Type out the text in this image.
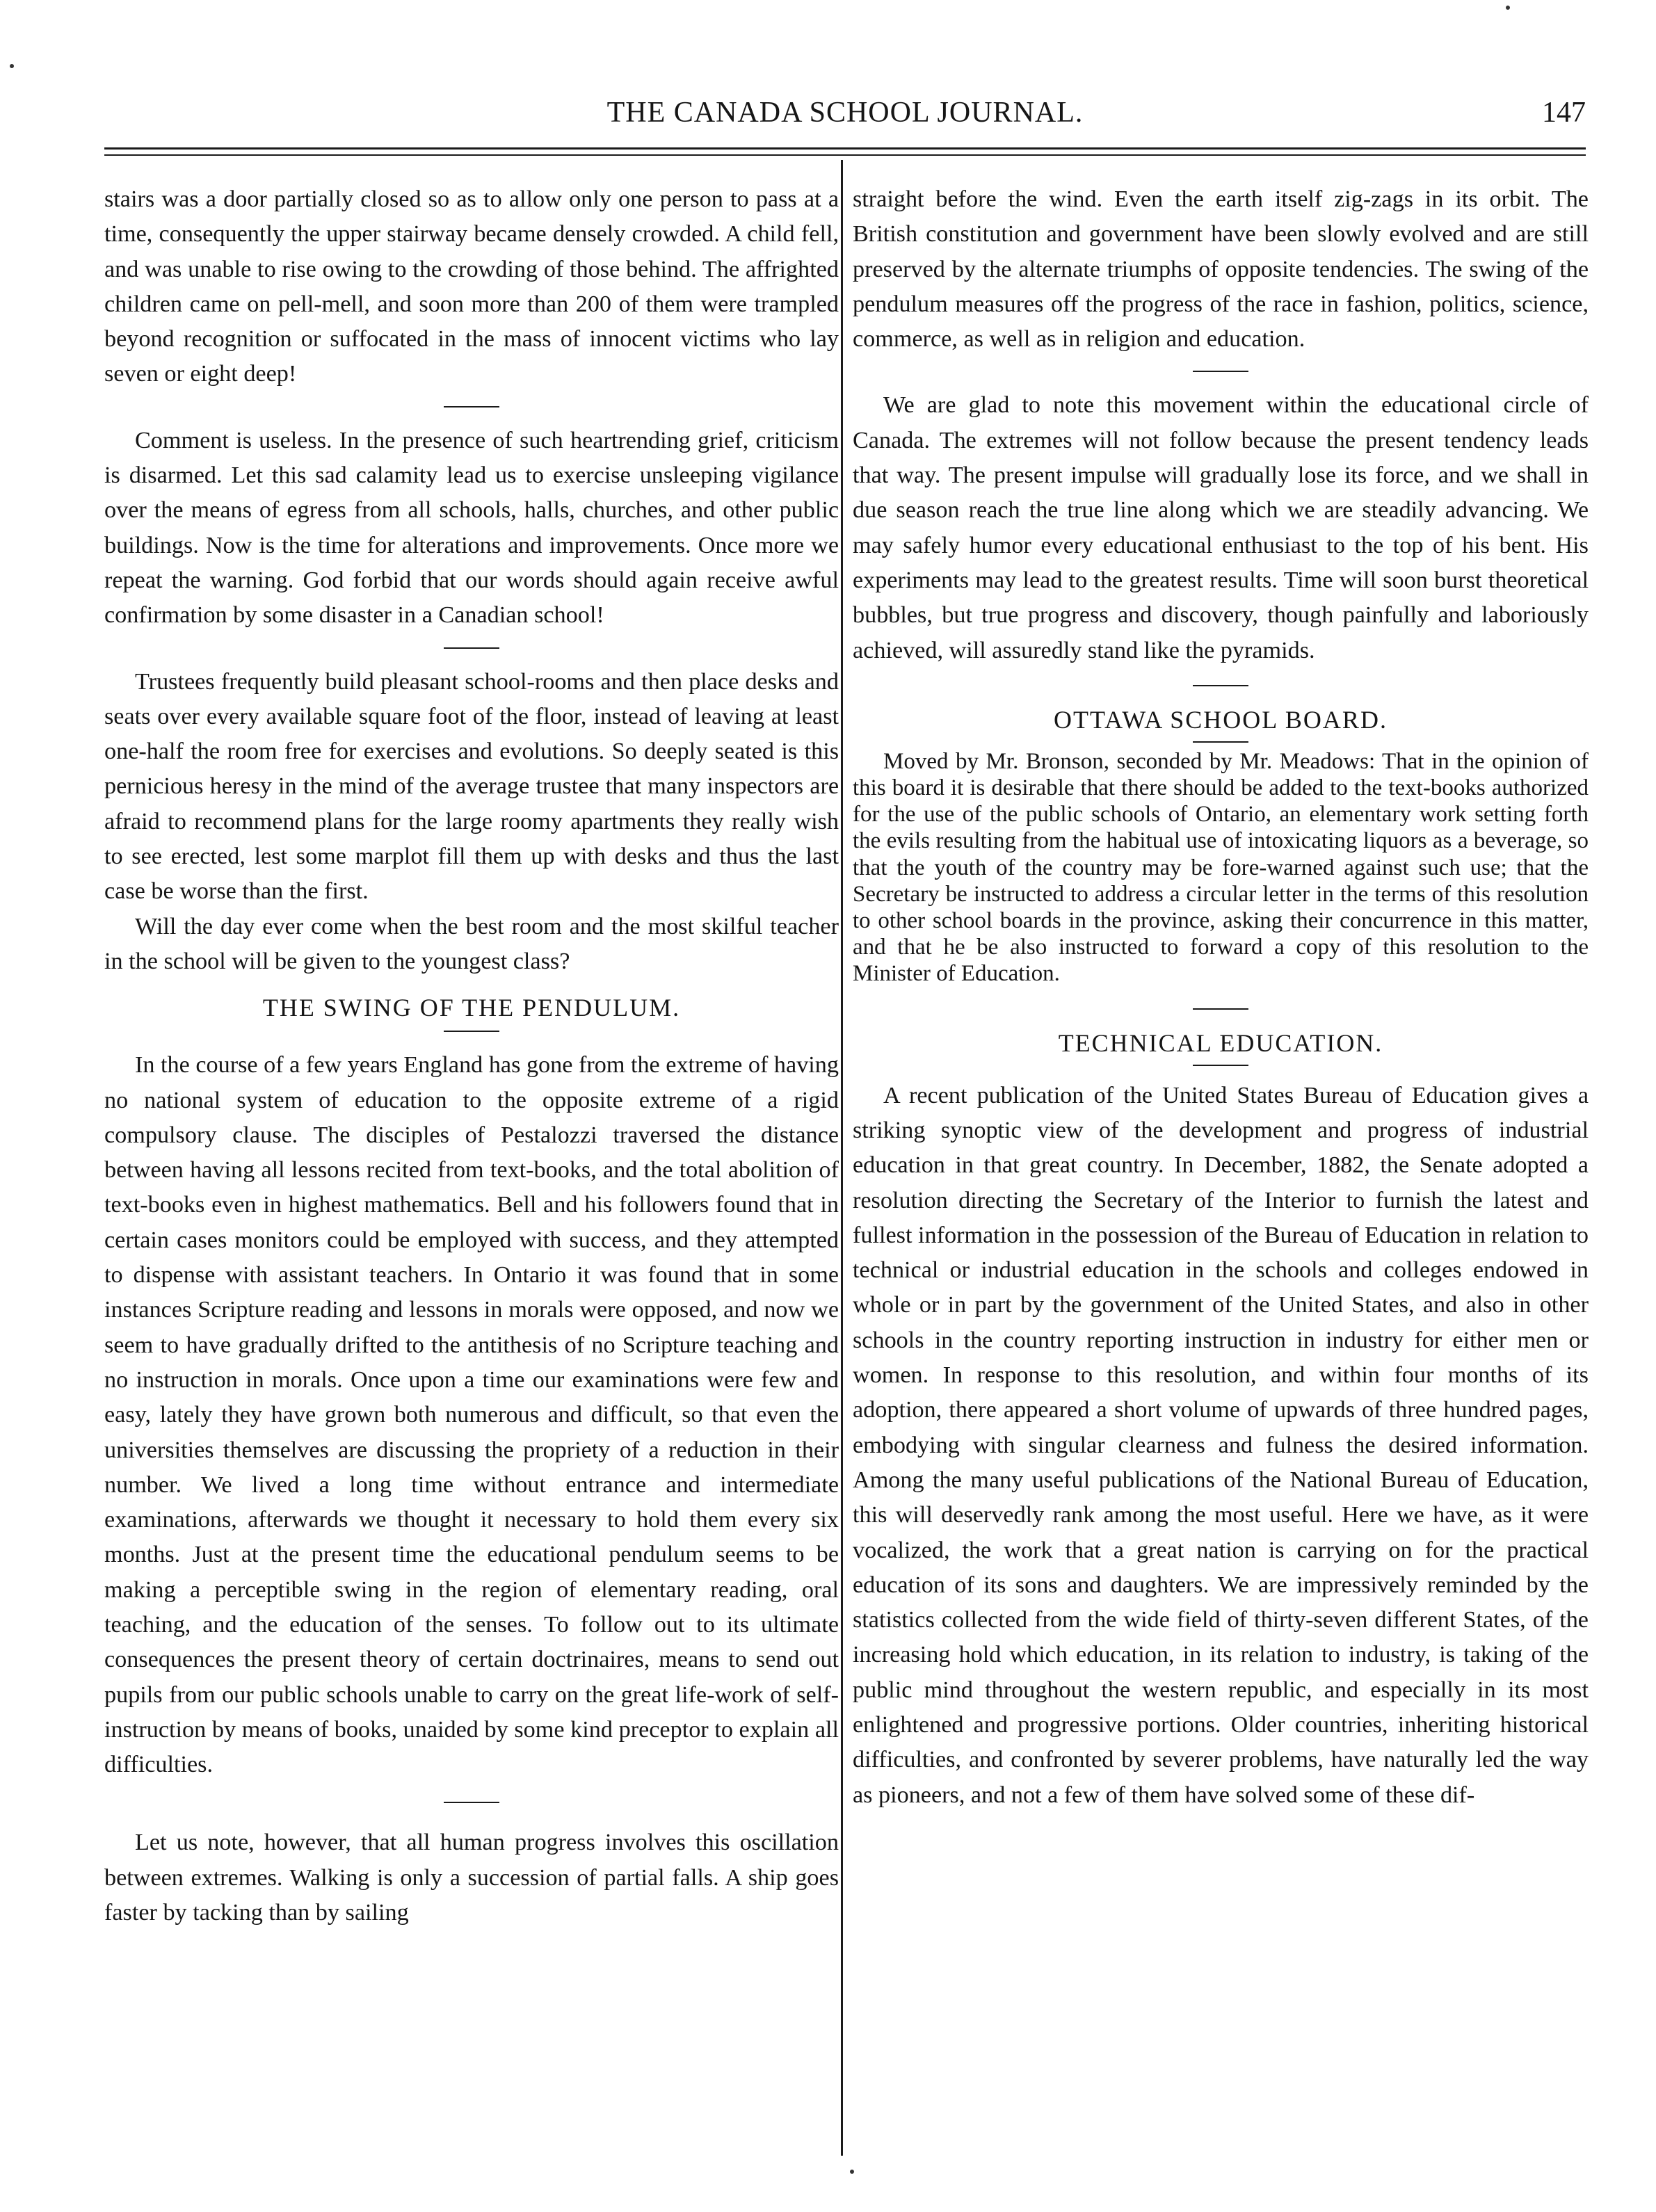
THE CANADA SCHOOL JOURNAL.	147

stairs was a door partially closed so as to allow only one person to pass at a time, consequently the upper stairway became densely crowded. A child fell, and was unable to rise owing to the crowding of those behind. The affrighted children came on pell-mell, and soon more than 200 of them were trampled beyond recognition or suffocated in the mass of innocent victims who lay seven or eight deep!

Comment is useless. In the presence of such heartrending grief, criticism is disarmed. Let this sad calamity lead us to exercise unsleeping vigilance over the means of egress from all schools, halls, churches, and other public buildings. Now is the time for alterations and improvements. Once more we repeat the warning. God forbid that our words should again receive awful confirmation by some disaster in a Canadian school!

Trustees frequently build pleasant school-rooms and then place desks and seats over every available square foot of the floor, instead of leaving at least one-half the room free for exercises and evolutions. So deeply seated is this pernicious heresy in the mind of the average trustee that many inspectors are afraid to recommend plans for the large roomy apartments they really wish to see erected, lest some marplot fill them up with desks and thus the last case be worse than the first.

Will the day ever come when the best room and the most skilful teacher in the school will be given to the youngest class?

THE SWING OF THE PENDULUM.

In the course of a few years England has gone from the extreme of having no national system of education to the opposite extreme of a rigid compulsory clause. The disciples of Pestalozzi traversed the distance between having all lessons recited from text-books, and the total abolition of text-books even in highest mathematics. Bell and his followers found that in certain cases monitors could be employed with success, and they attempted to dispense with assistant teachers. In Ontario it was found that in some instances Scripture reading and lessons in morals were opposed, and now we seem to have gradually drifted to the antithesis of no Scripture teaching and no instruction in morals. Once upon a time our examinations were few and easy, lately they have grown both numerous and difficult, so that even the universities themselves are discussing the propriety of a reduction in their number. We lived a long time without entrance and intermediate examinations, afterwards we thought it necessary to hold them every six months. Just at the present time the educational pendulum seems to be making a perceptible swing in the region of elementary reading, oral teaching, and the education of the senses. To follow out to its ultimate consequences the present theory of certain doctrinaires, means to send out pupils from our public schools unable to carry on the great life-work of self-instruction by means of books, unaided by some kind preceptor to explain all difficulties.

Let us note, however, that all human progress involves this oscillation between extremes. Walking is only a succession of partial falls. A ship goes faster by tacking than by sailing

straight before the wind. Even the earth itself zig-zags in its orbit. The British constitution and government have been slowly evolved and are still preserved by the alternate triumphs of opposite tendencies. The swing of the pendulum measures off the progress of the race in fashion, politics, science, commerce, as well as in religion and education.

We are glad to note this movement within the educational circle of Canada. The extremes will not follow because the present tendency leads that way. The present impulse will gradually lose its force, and we shall in due season reach the true line along which we are steadily advancing. We may safely humor every educational enthusiast to the top of his bent. His experiments may lead to the greatest results. Time will soon burst theoretical bubbles, but true progress and discovery, though painfully and laboriously achieved, will assuredly stand like the pyramids.

OTTAWA SCHOOL BOARD.

Moved by Mr. Bronson, seconded by Mr. Meadows: That in the opinion of this board it is desirable that there should be added to the text-books authorized for the use of the public schools of Ontario, an elementary work setting forth the evils resulting from the habitual use of intoxicating liquors as a beverage, so that the youth of the country may be fore-warned against such use; that the Secretary be instructed to address a circular letter in the terms of this resolution to other school boards in the province, asking their concurrence in this matter, and that he be also instructed to forward a copy of this resolution to the Minister of Education.

TECHNICAL EDUCATION.

A recent publication of the United States Bureau of Education gives a striking synoptic view of the development and progress of industrial education in that great country. In December, 1882, the Senate adopted a resolution directing the Secretary of the Interior to furnish the latest and fullest information in the possession of the Bureau of Education in relation to technical or industrial education in the schools and colleges endowed in whole or in part by the government of the United States, and also in other schools in the country reporting instruction in industry for either men or women. In response to this resolution, and within four months of its adoption, there appeared a short volume of upwards of three hundred pages, embodying with singular clearness and fulness the desired information. Among the many useful publications of the National Bureau of Education, this will deservedly rank among the most useful. Here we have, as it were vocalized, the work that a great nation is carrying on for the practical education of its sons and daughters. We are impressively reminded by the statistics collected from the wide field of thirty-seven different States, of the increasing hold which education, in its relation to industry, is taking of the public mind throughout the western republic, and especially in its most enlightened and progressive portions. Older countries, inheriting historical difficulties, and confronted by severer problems, have naturally led the way as pioneers, and not a few of them have solved some of these dif-
